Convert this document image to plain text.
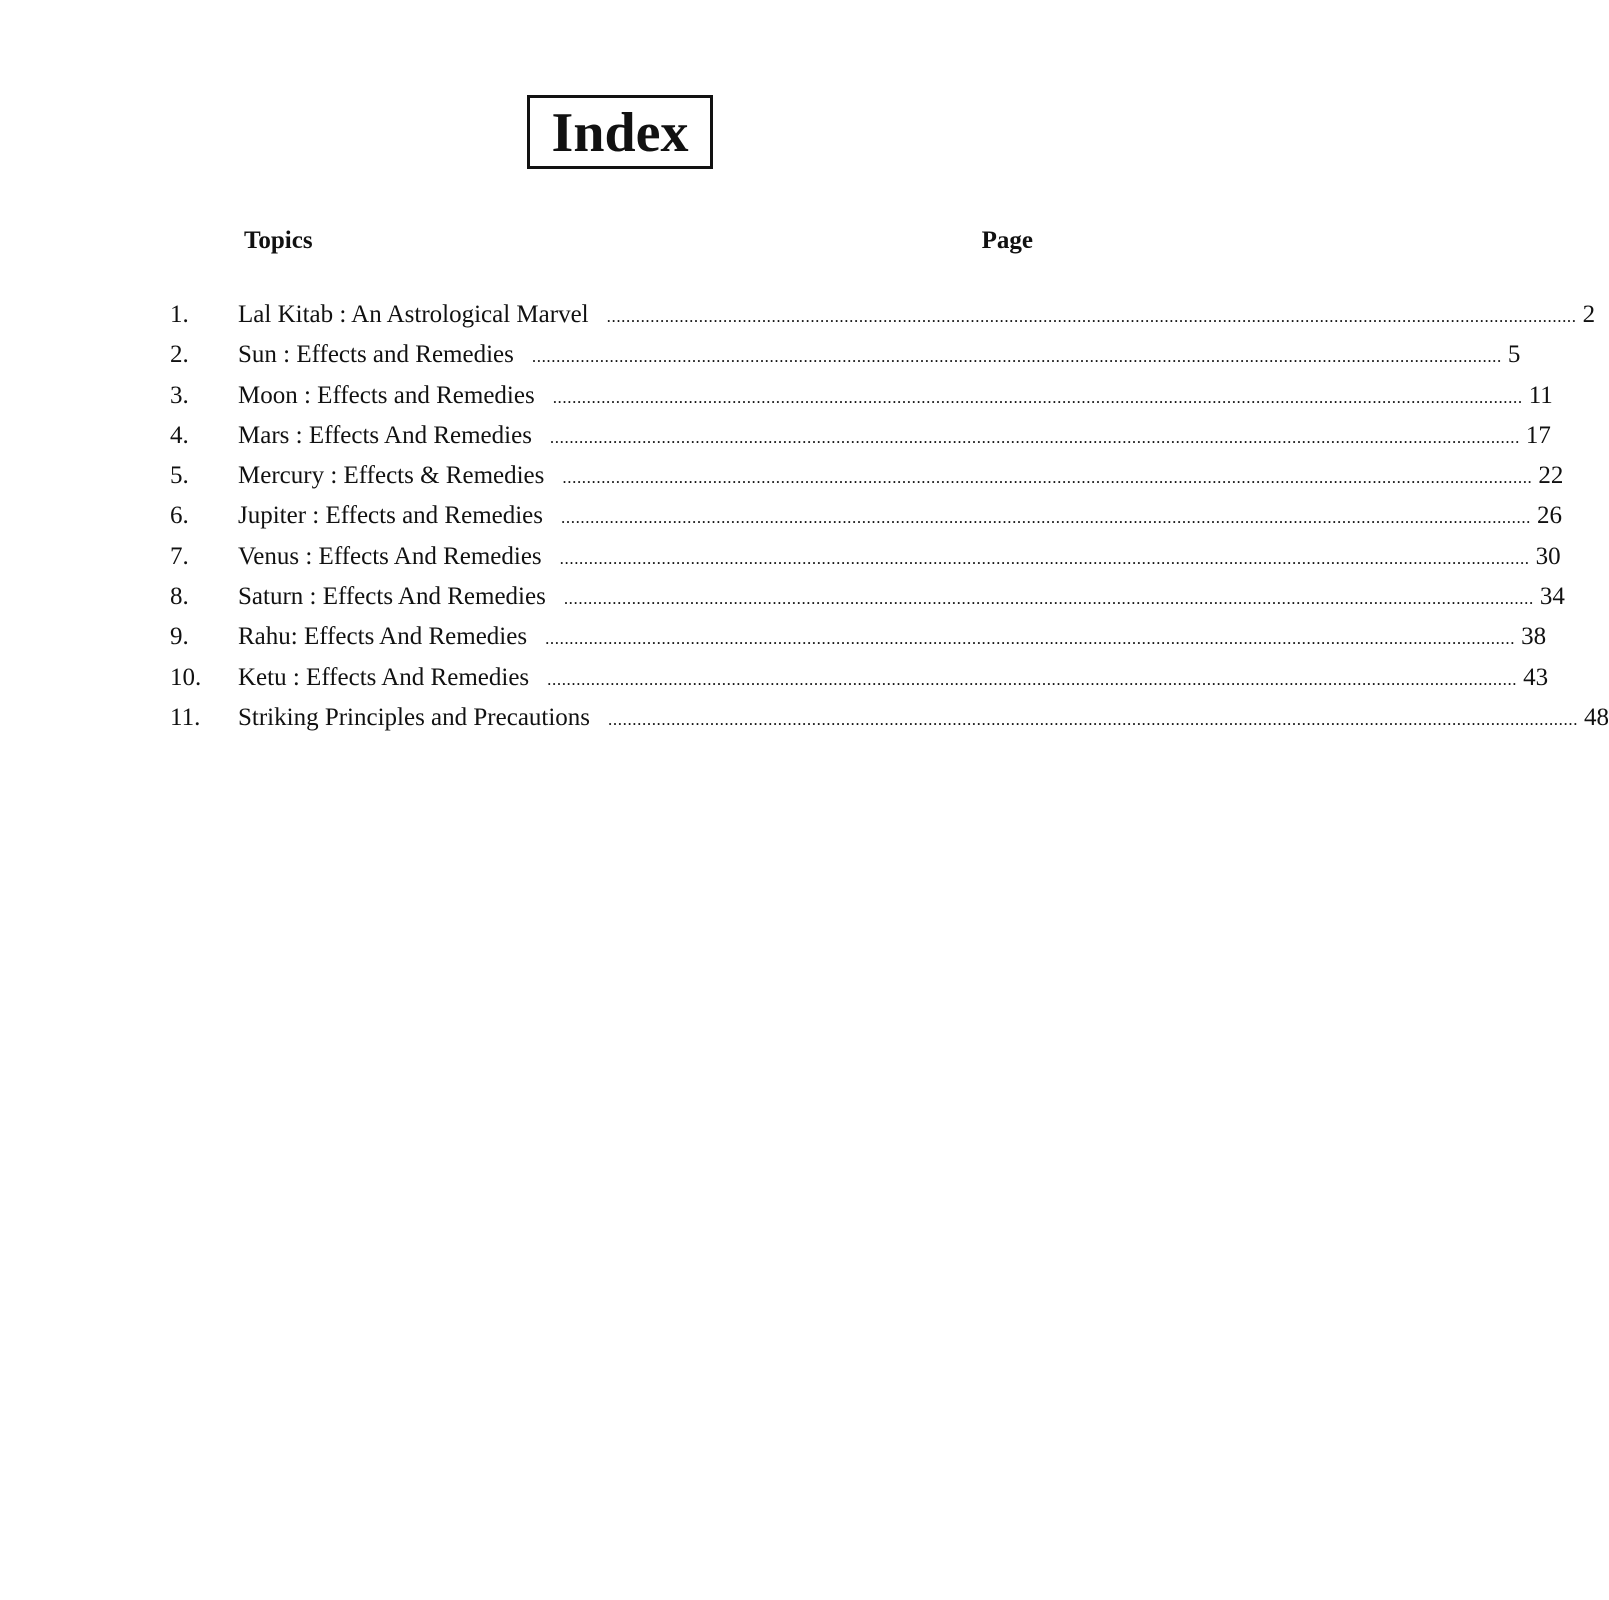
Index
Topics	Page
1.	Lal Kitab : An Astrological Marvel	........................................................................................................................................................................................................ 2
2.	Sun : Effects and Remedies	........................................................................................................................................................................................................ 5
3.	Moon : Effects and Remedies	........................................................................................................................................................................................................ 11
4.	Mars : Effects And Remedies	........................................................................................................................................................................................................ 17
5.	Mercury : Effects & Remedies	........................................................................................................................................................................................................ 22
6.	Jupiter : Effects and Remedies	........................................................................................................................................................................................................ 26
7.	Venus : Effects And Remedies	........................................................................................................................................................................................................ 30
8.	Saturn : Effects And Remedies	........................................................................................................................................................................................................ 34
9.	Rahu: Effects And Remedies	........................................................................................................................................................................................................ 38
10.	Ketu : Effects And Remedies	........................................................................................................................................................................................................ 43
11.	Striking Principles and Precautions	........................................................................................................................................................................................................ 48
